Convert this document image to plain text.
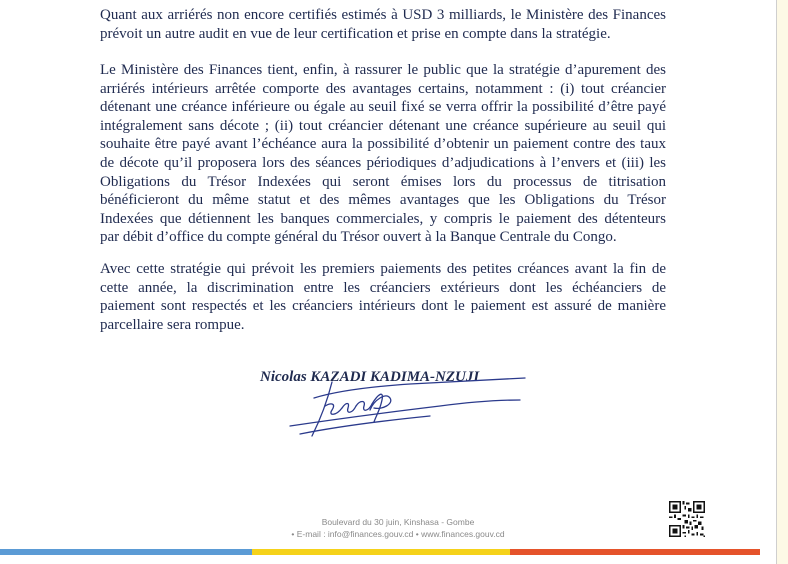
Quant aux arriérés non encore certifiés estimés à USD 3 milliards, le Ministère des Finances
prévoit un autre audit en vue de leur certification et prise en compte dans la stratégie.
Le Ministère des Finances tient, enfin, à rassurer le public que la stratégie d’apurement des
arriérés intérieurs arrêtée comporte des avantages certains, notamment : (i) tout créancier
détenant une créance inférieure ou égale au seuil fixé se verra offrir la possibilité d’être payé
intégralement sans décote ; (ii) tout créancier détenant une créance supérieure au seuil qui
souhaite être payé avant l’échéance aura la possibilité d’obtenir un paiement contre des taux
de décote qu’il proposera lors des séances périodiques d’adjudications à l’envers et (iii) les
Obligations du Trésor Indexées qui seront émises lors du processus de titrisation
bénéficieront du même statut et des mêmes avantages que les Obligations du Trésor
Indexées que détiennent les banques commerciales, y compris le paiement des détenteurs
par débit d’office du compte général du Trésor ouvert à la Banque Centrale du Congo.
Avec cette stratégie qui prévoit les premiers paiements des petites créances avant la fin de
cette année, la discrimination entre les créanciers extérieurs dont les échéanciers de
paiement sont respectés et les créanciers intérieurs dont le paiement est assuré de manière
parcellaire sera rompue.
Nicolas KAZADI KADIMA-NZUJI
Boulevard du 30 juin, Kinshasa - Gombe
• E-mail : info@finances.gouv.cd • www.finances.gouv.cd
